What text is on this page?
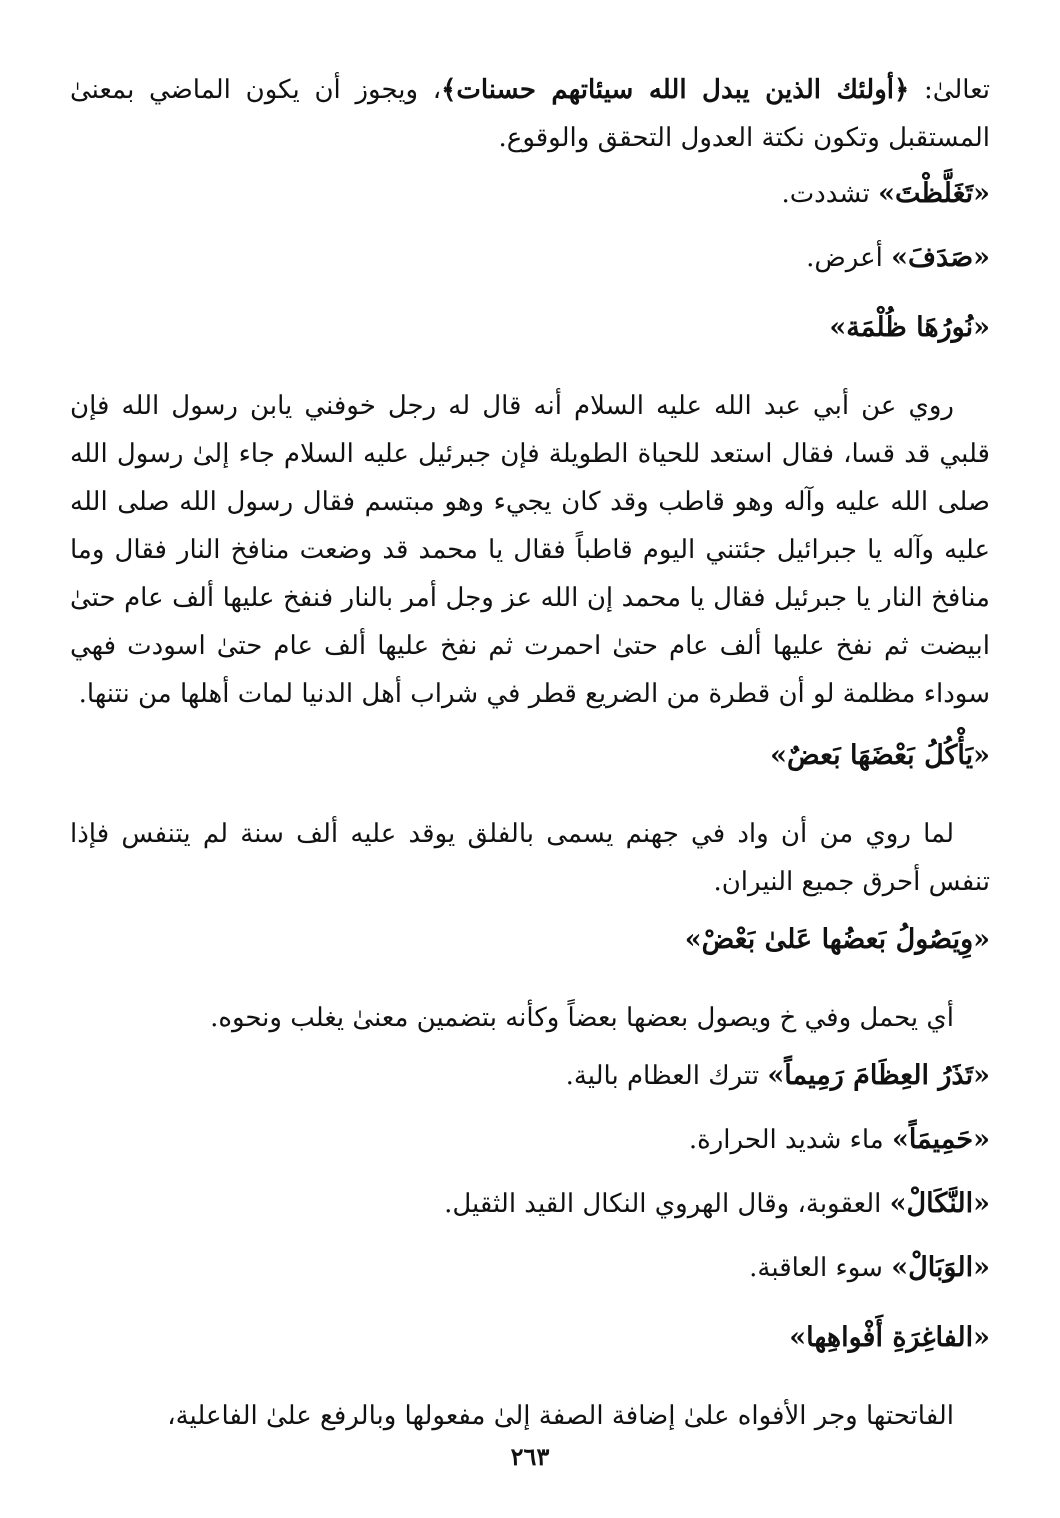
تعالىٰ: ﴿أولئك الذين يبدل الله سيئاتهم حسنات﴾، ويجوز أن يكون الماضي بمعنىٰ المستقبل وتكون نكتة العدول التحقق والوقوع.

«تَغَلَّظْتَ» تشددت.

«صَدَفَ» أعرض.

«نُورُهَا ظُلْمَة»

روي عن أبي عبد الله عليه السلام أنه قال له رجل خوفني يابن رسول الله فإن قلبي قد قسا، فقال استعد للحياة الطويلة فإن جبرئيل عليه السلام جاء إلىٰ رسول الله صلى الله عليه وآله وهو قاطب وقد كان يجيء وهو مبتسم فقال رسول الله صلى الله عليه وآله يا جبرائيل جئتني اليوم قاطباً فقال يا محمد قد وضعت منافخ النار فقال وما منافخ النار يا جبرئيل فقال يا محمد إن الله عز وجل أمر بالنار فنفخ عليها ألف عام حتىٰ ابيضت ثم نفخ عليها ألف عام حتىٰ احمرت ثم نفخ عليها ألف عام حتىٰ اسودت فهي سوداء مظلمة لو أن قطرة من الضريع قطر في شراب أهل الدنيا لمات أهلها من نتنها.

«يَأْكُلُ بَعْضَهَا بَعضٌ»

لما روي من أن واد في جهنم يسمى بالفلق يوقد عليه ألف سنة لم يتنفس فإذا تنفس أحرق جميع النيران.

«وِيَصُولُ بَعضُها عَلىٰ بَعْضْ»

أي يحمل وفي خ ويصول بعضها بعضاً وكأنه بتضمين معنىٰ يغلب ونحوه.

«تَذَرُ العِظَامَ رَمِيماً» تترك العظام بالية.

«حَمِيمَاً» ماء شديد الحرارة.

«النَّكَالْ» العقوبة، وقال الهروي النكال القيد الثقيل.

«الوَبَالْ» سوء العاقبة.

«الفاغِرَةِ أَفْواهِها»

الفاتحتها وجر الأفواه علىٰ إضافة الصفة إلىٰ مفعولها وبالرفع علىٰ الفاعلية،

٢٦٣
